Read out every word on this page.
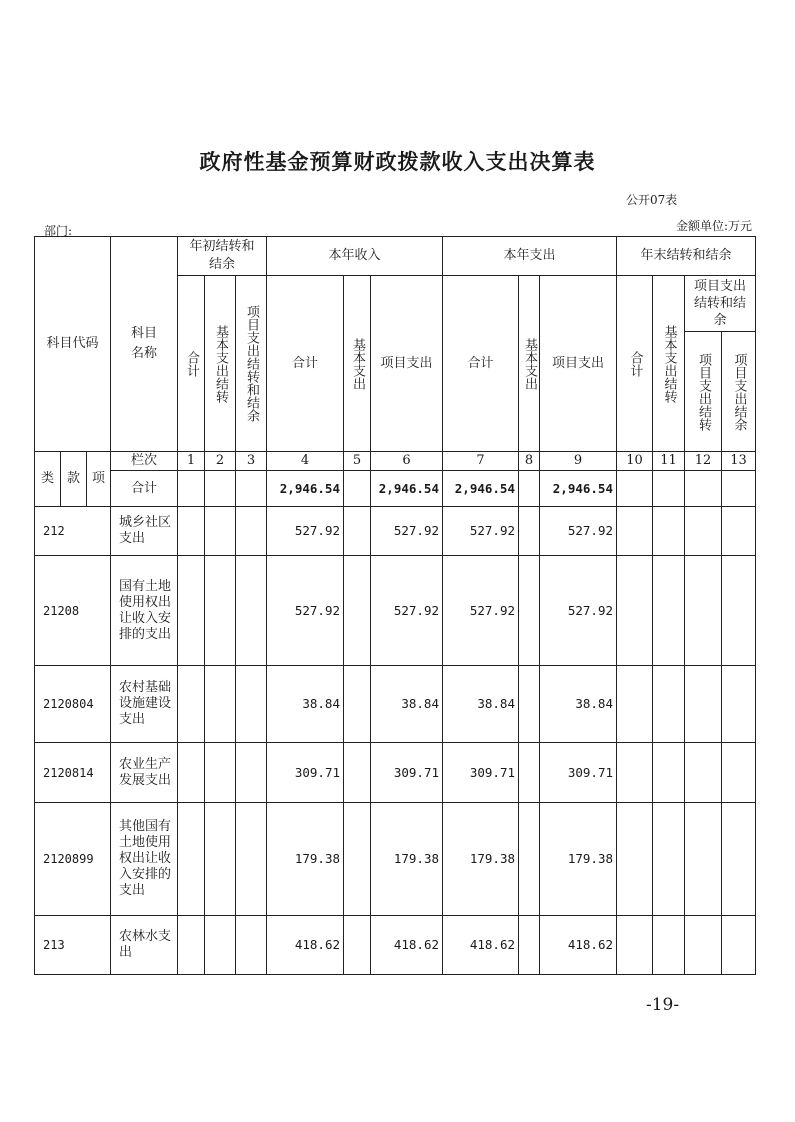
政府性基金预算财政拨款收入支出决算表
公开07表
部门:	金额单位:万元
科目代码			科目名称	年初结转和结余			本年收入			本年支出			年末结转和结余			

				合计	基本支出结转	项目支出结转和结余	合计	基本支出	项目支出	合计	基本支出	项目支出	合计	基本支出结转	项目支出结转和结余	

															项目支出结转	项目支出结余

类	款	项	栏次	1	2	3	4	5	6	7	8	9	10	11	12	13
			合计				2,946.54		2,946.54	2,946.54		2,946.54				
212			城乡社区支出				527.92		527.92	527.92		527.92				
21208			国有土地使用权出让收入安排的支出				527.92		527.92	527.92		527.92				
2120804			农村基础设施建设支出				38.84		38.84	38.84		38.84				
2120814			农业生产发展支出				309.71		309.71	309.71		309.71				
2120899			其他国有土地使用权出让收入安排的支出				179.38		179.38	179.38		179.38				
213			农林水支出				418.62		418.62	418.62		418.62				
-19-
